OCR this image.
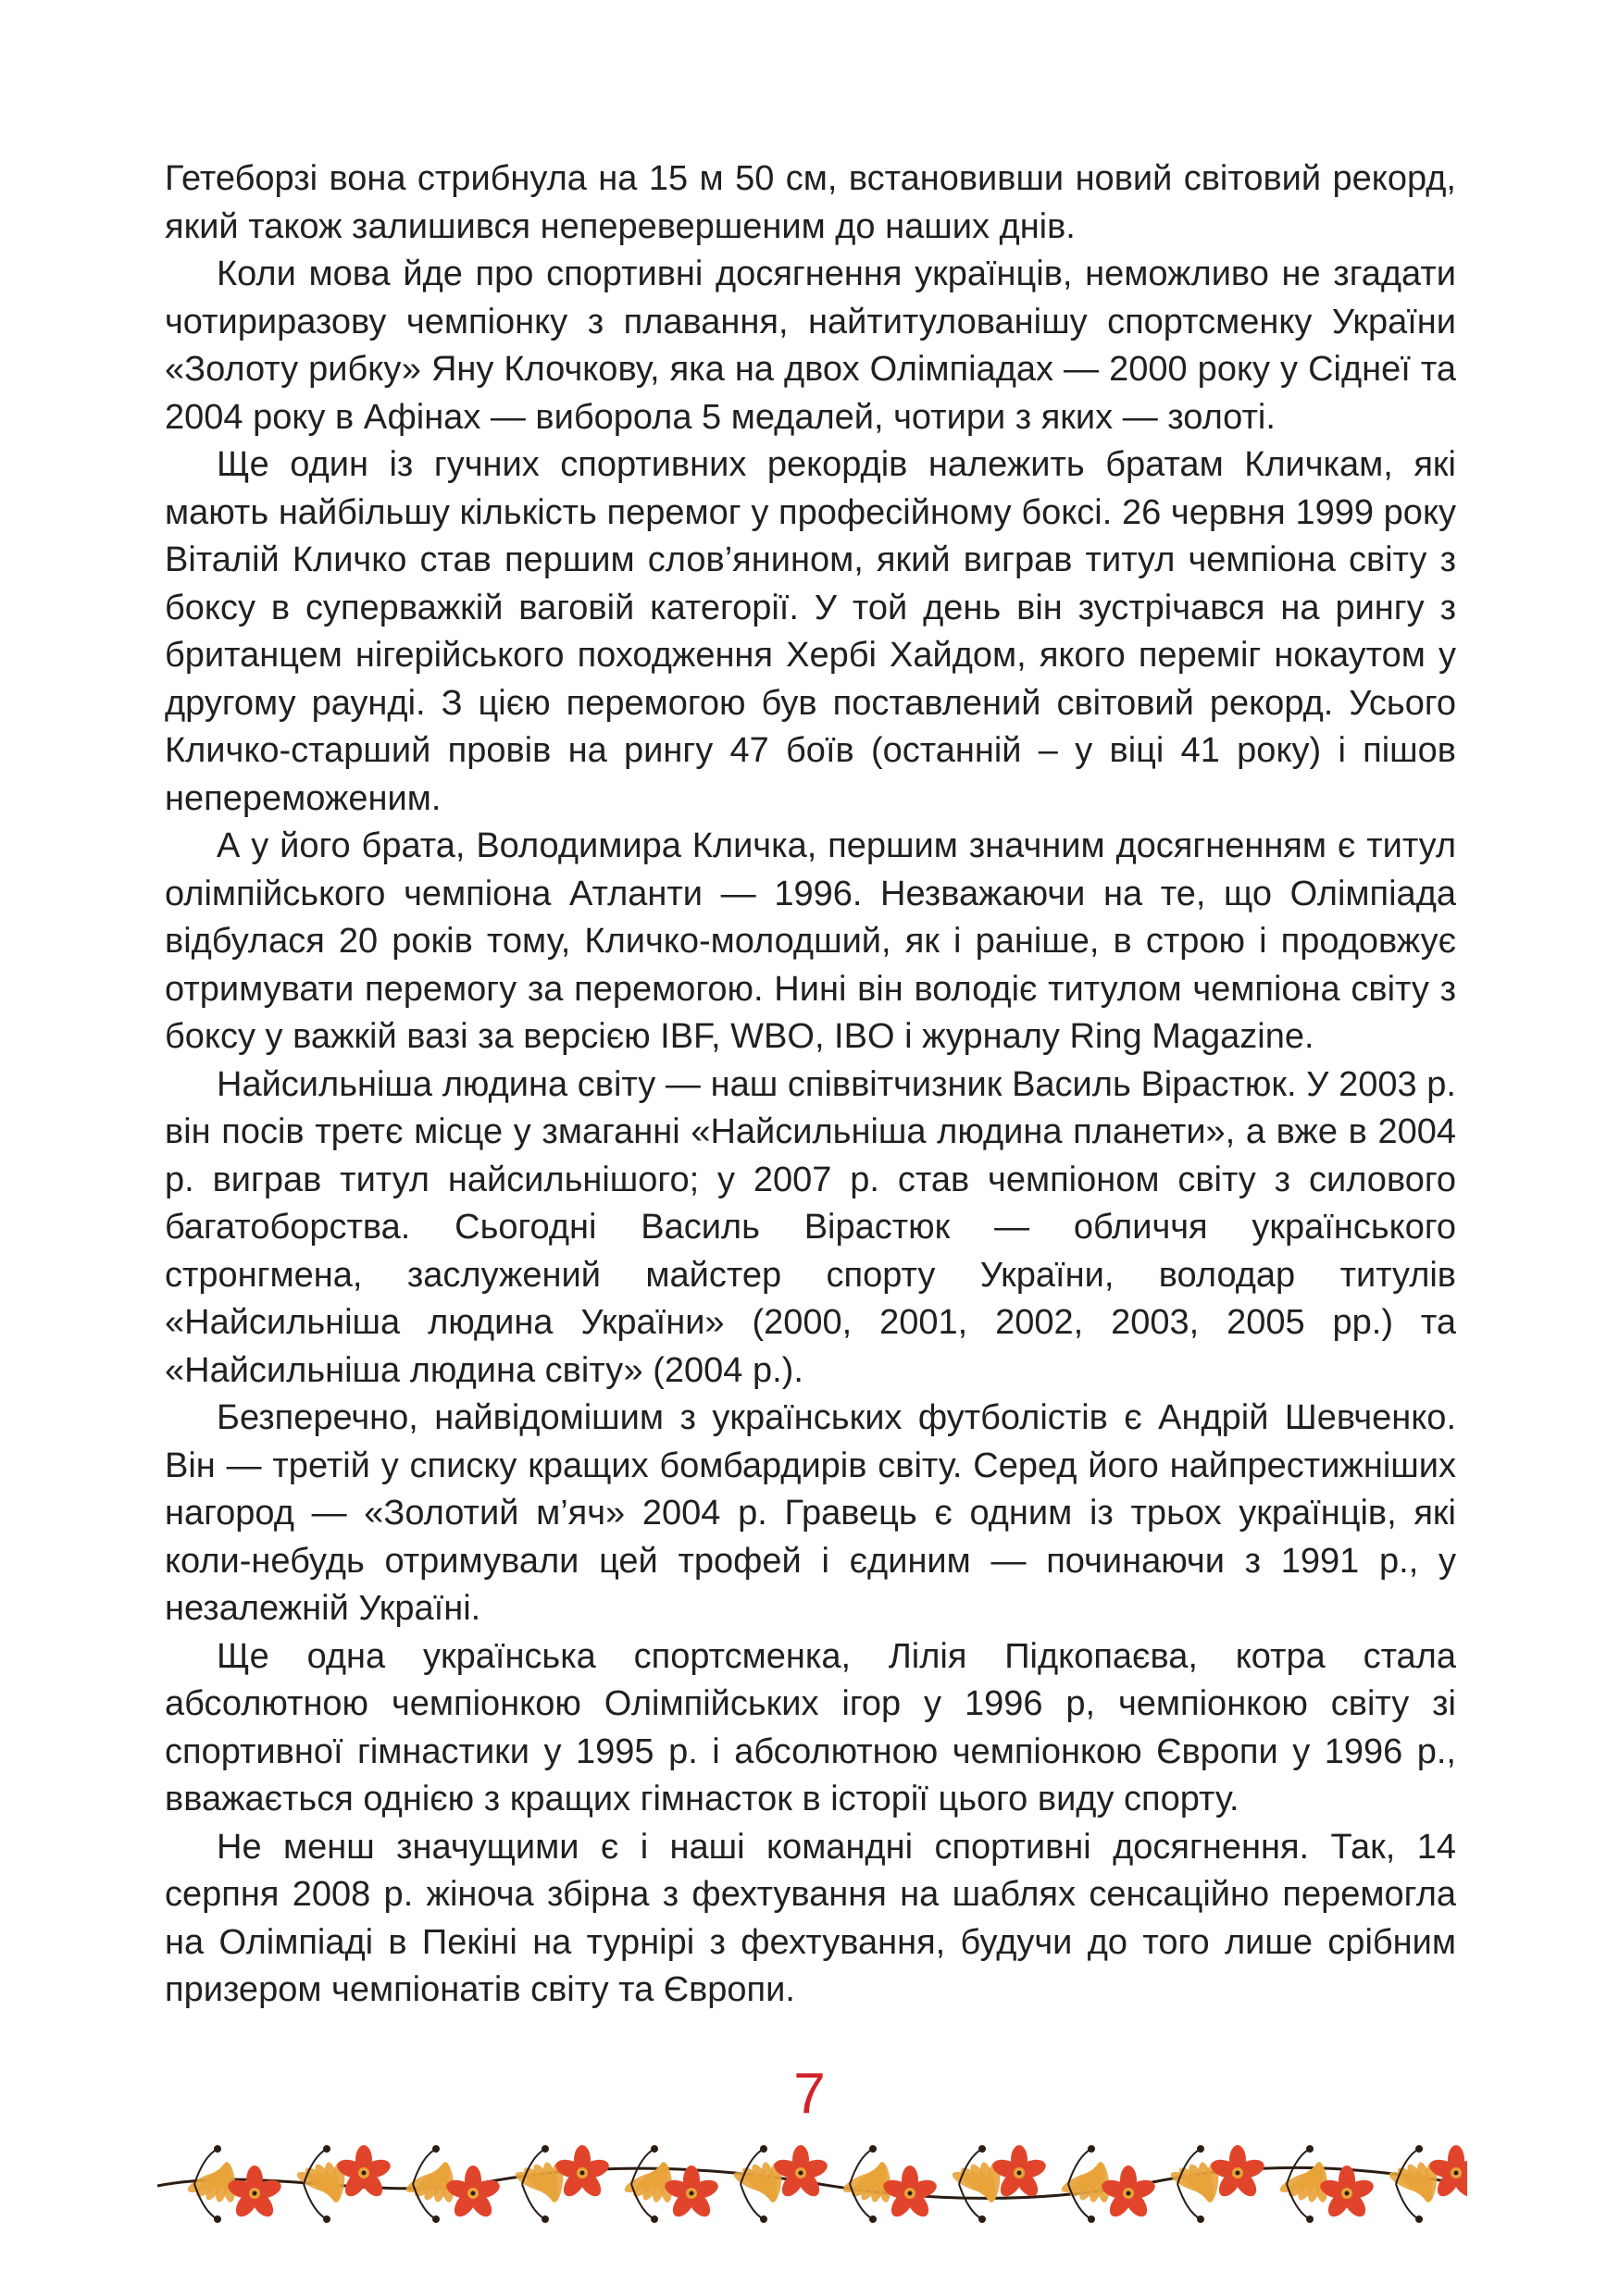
Гетеборзі вона стрибнула на 15 м 50 см, встановивши новий світовий рекорд, який також залишився неперевершеним до наших днів.

Коли мова йде про спортивні досягнення українців, неможливо не згадати чотириразову чемпіонку з плавання, найтитулованішу спортсменку України «Золоту рибку» Яну Клочкову, яка на двох Олімпіадах — 2000 року у Сіднеї та 2004 року в Афінах — виборола 5 медалей, чотири з яких — золоті.

Ще один із гучних спортивних рекордів належить братам Кличкам, які мають найбільшу кількість перемог у професійному боксі. 26 червня 1999 року Віталій Кличко став першим слов’янином, який виграв титул чемпіона світу з боксу в суперважкій ваговій категорії. У той день він зустрічався на рингу з британцем нігерійського походження Хербі Хайдом, якого переміг нокаутом у другому раунді. З цією перемогою був поставлений світовий рекорд. Усього Кличко-старший провів на рингу 47 боїв (останній – у віці 41 року) і пішов непереможеним.

А у його брата, Володимира Кличка, першим значним досягненням є титул олімпійського чемпіона Атланти — 1996. Незважаючи на те, що Олімпіада відбулася 20 років тому, Кличко-молодший, як і раніше, в строю і продовжує отримувати перемогу за перемогою. Нині він володіє титулом чемпіона світу з боксу у важкій вазі за версією IBF, WBO, IBO і журналу Ring Magazine.

Найсильніша людина світу — наш співвітчизник Василь Вірастюк. У 2003 р. він посів третє місце у змаганні «Найсильніша людина планети», а вже в 2004 р. виграв титул найсильнішого; у 2007 р. став чемпіоном світу з силового багатоборства. Сьогодні Василь Вірастюк — обличчя українського стронгмена, заслужений майстер спорту України, володар титулів «Найсильніша людина України» (2000, 2001, 2002, 2003, 2005 рр.) та «Найсильніша людина світу» (2004 р.).

Безперечно, найвідомішим з українських футболістів є Андрій Шевченко. Він — третій у списку кращих бомбардирів світу. Серед його найпрестижніших нагород — «Золотий м’яч» 2004 р. Гравець є одним із трьох українців, які коли-небудь отримували цей трофей і єдиним — починаючи з 1991 р., у незалежній Україні.

Ще одна українська спортсменка, Лілія Підкопаєва, котра стала абсолютною чемпіонкою Олімпійських ігор у 1996 р, чемпіонкою світу зі спортивної гімнастики у 1995 р. і абсолютною чемпіонкою Європи у 1996 р., вважається однією з кращих гімнасток в історії цього виду спорту.

Не менш значущими є і наші командні спортивні досягнення. Так, 14 серпня 2008 р. жіноча збірна з фехтування на шаблях сенсаційно перемогла на Олімпіаді в Пекіні на турнірі з фехтування, будучи до того лише срібним призером чемпіонатів світу та Європи.

7
